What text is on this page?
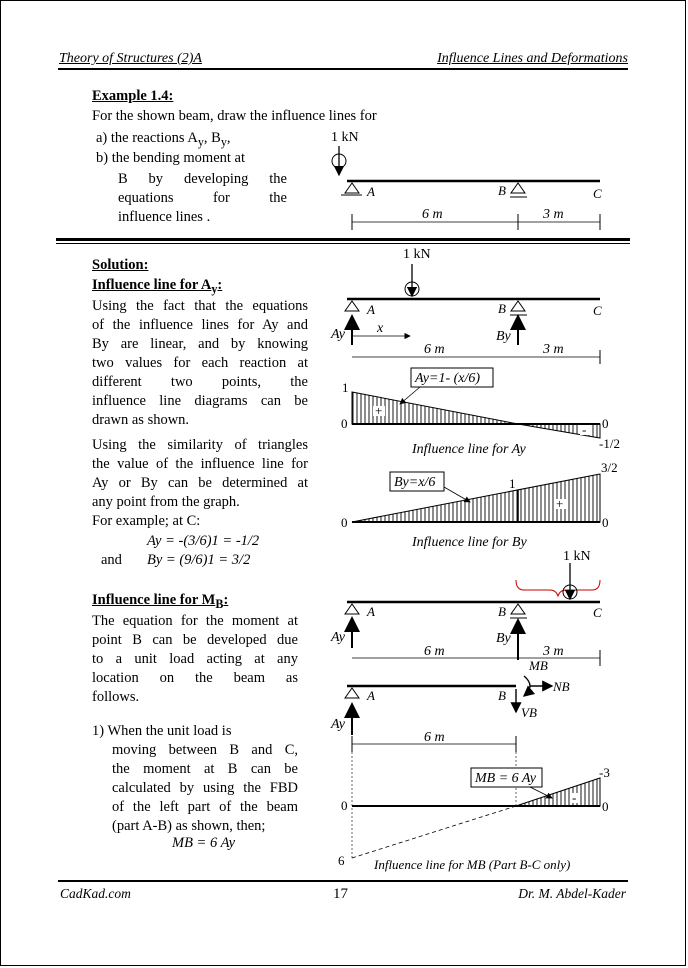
Theory of Structures (2)A	Influence Lines and Deformations
Example 1.4:
For the shown beam, draw the influence lines for
a) the reactions $A_y$, $B_y$,
b) the bending moment at
B by developing the
equations for the
influence lines .
Solution:
Influence line for $A_y$:
Using the fact that the equations
of the influence lines for Ay and
By are linear, and by knowing
two values for each reaction at
different two points, the
influence line diagrams can be
drawn as shown.
Using the similarity of triangles
the value of the influence line for
Ay or By can be determined at
any point from the graph.
For example; at C:
Ay = -(3/6)1 = -1/2
and By = (9/6)1 = 3/2
Influence line for $M_B$:
The equation for the moment at
point B can be developed due
to a unit load acting at any
location on the beam as
follows.
1) When the unit load is
moving between B and C,
the moment at B can be
calculated by using the FBD
of the left part of the beam
(part A-B) as shown, then;
MB = 6 Ay
1 kN
A	B	C
6 m	3 m
1 kN
A	B	C
Ay	By
x
6 m	3 m
1
0	0
-1/2
+
-
Ay=1- (x/6)
Influence line for Ay
1
3/2
0	0
+
By=x/6
Influence line for By
1 kN
A	B	C
Ay	By
6 m	3 m
A	B
Ay
MB
NB
VB
6 m
0	0
-3
6
-
MB = 6 Ay
Influence line for MB (Part B-C only)
CadKad.com	17	Dr. M. Abdel-Kader
